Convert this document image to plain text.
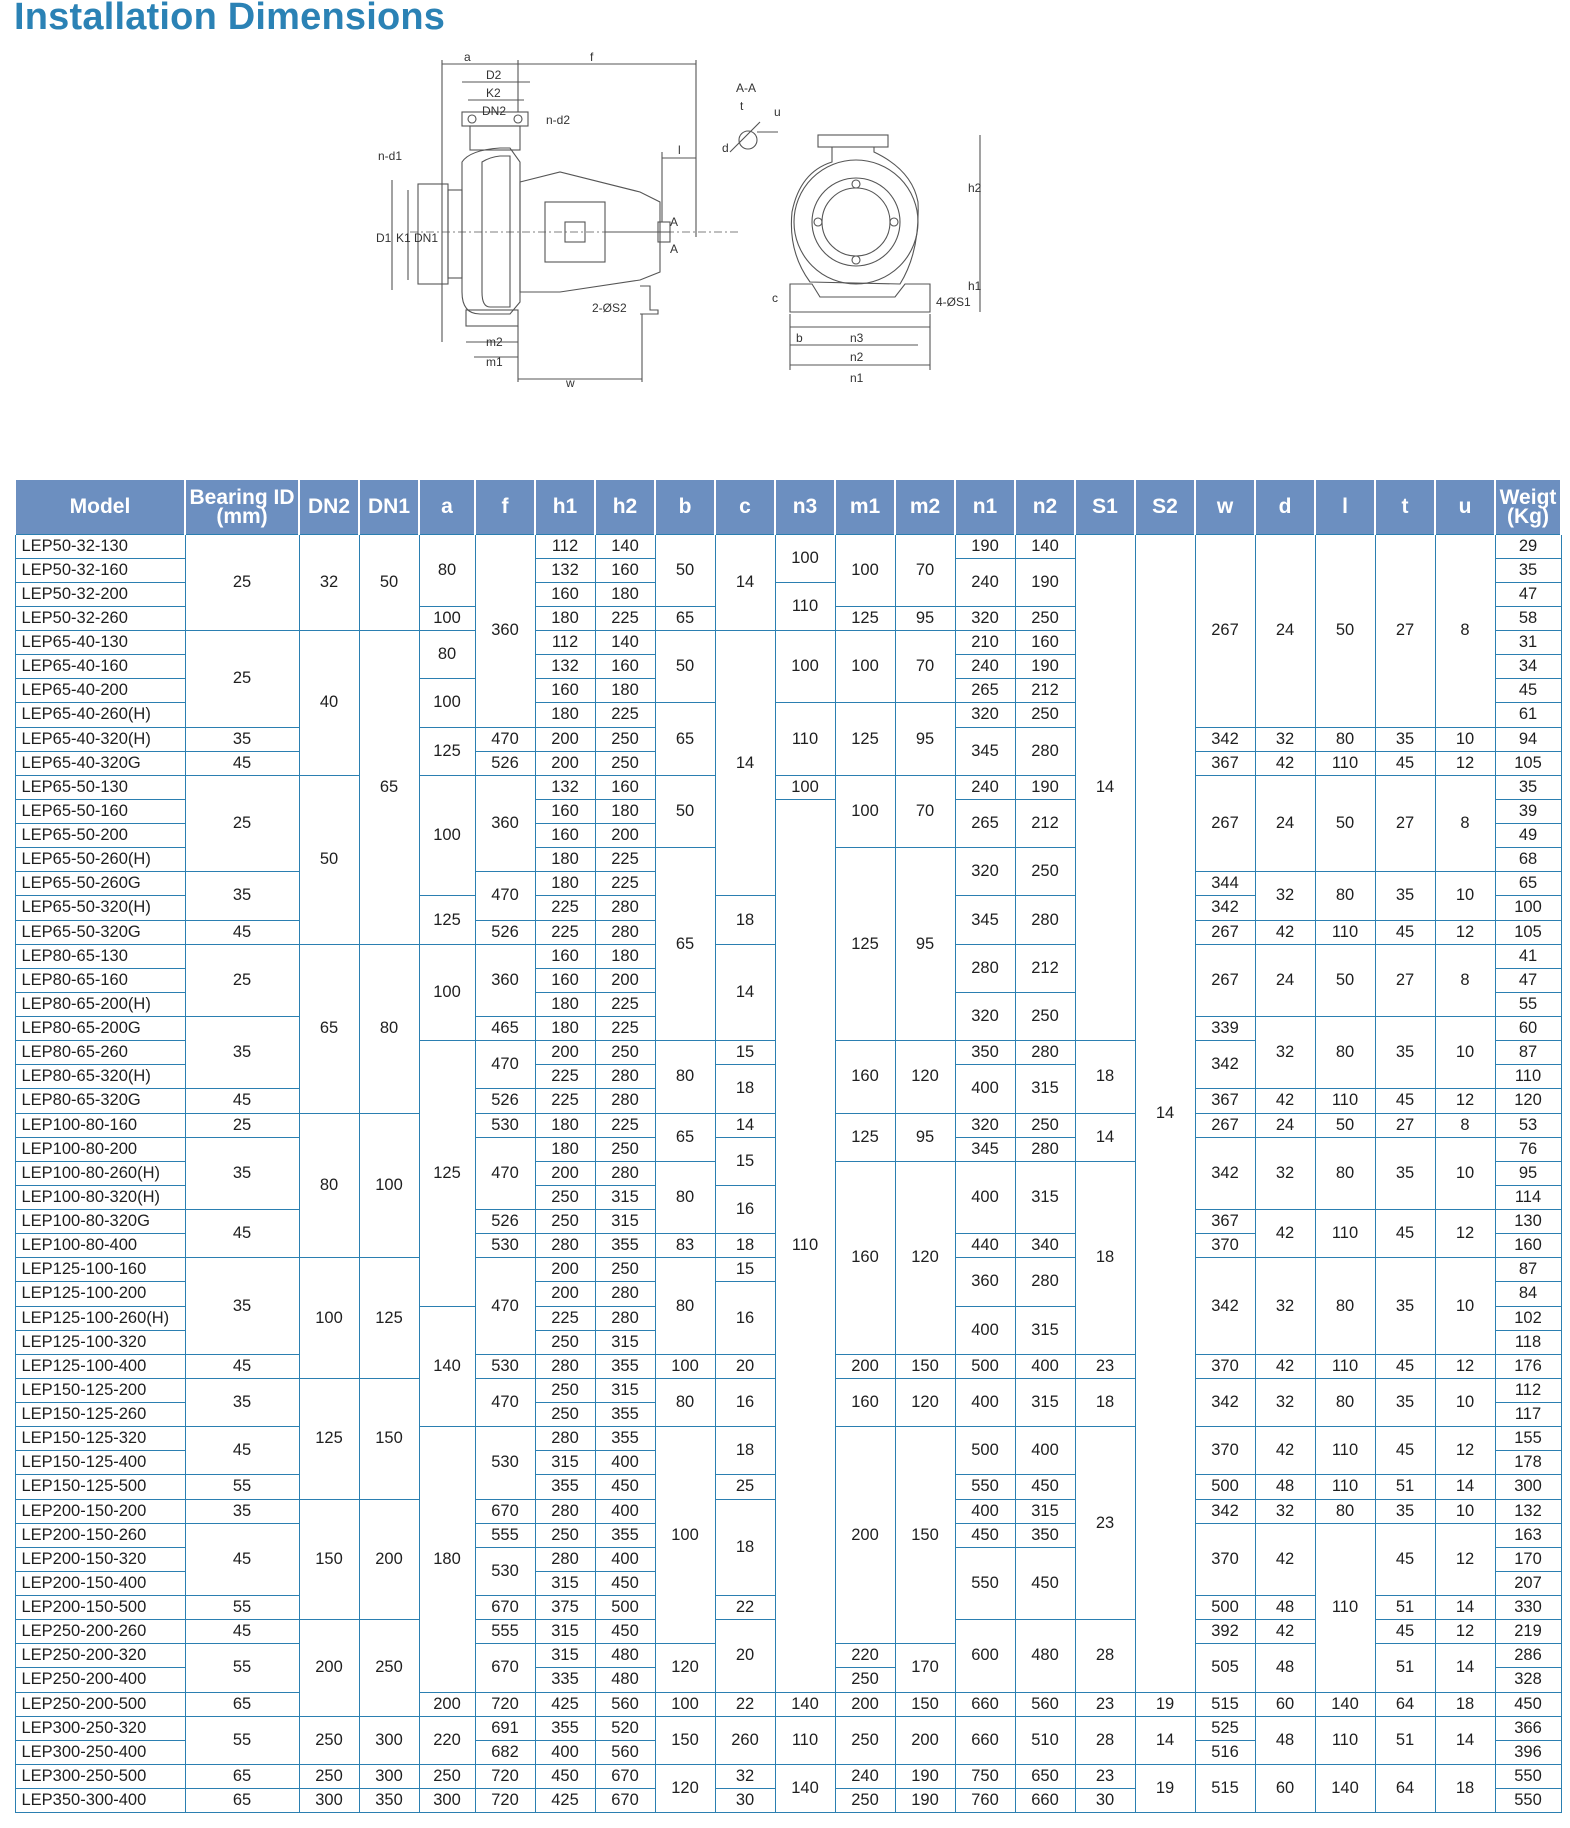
Installation Dimensions
a	f
D2
K2
DN2
n-d2
n-d1
D1 K1 DN1
l
A
A
m2
m1
w
2-ØS2
A-A
t	u
d
h2
h1
c	4-ØS1
b	n3
n2
n1
Model	Bearing ID (mm)	DN2	DN1	a	f	h1	h2	b	c	n3	m1	m2	n1	n2	S1	S2	w	d	l	t	u	Weigt (Kg)
LEP50-32-130	25	32	50	80	360	112	140	50	14	100	100	70	190	140	14	14	267	24	50	27	8	29
LEP50-32-160						132	160						240	190								35
LEP50-32-200						160	180			110												47
LEP50-32-260				100		180	225	65			125	95	320	250								58
LEP65-40-130	25	40	65	80		112	140	50	14	100	100	70	210	160								31
LEP65-40-160						132	160						240	190								34
LEP65-40-200				100		160	180						265	212								45
LEP65-40-260(H)						180	225	65		110	125	95	320	250								61
LEP65-40-320(H)	35			125	470	200	250						345	280			342	32	80	35	10	94
LEP65-40-320G	45				526	200	250										367	42	110	45	12	105
LEP65-50-130	25	50		100	360	132	160	50		100	100	70	240	190			267	24	50	27	8	35
LEP65-50-160						160	180			110			265	212								39
LEP65-50-200						160	200															49
LEP65-50-260(H)						180	225	65			125	95	320	250								68
LEP65-50-260G	35				470	180	225										344	32	80	35	10	65
LEP65-50-320(H)				125		225	280		18				345	280			342					100
LEP65-50-320G	45				526	225	280										267	42	110	45	12	105
LEP80-65-130	25	65	80	100	360	160	180		14				280	212			267	24	50	27	8	41
LEP80-65-160						160	200															47
LEP80-65-200(H)						180	225						320	250								55
LEP80-65-200G	35				465	180	225										339	32	80	35	10	60
LEP80-65-260				125	470	200	250	80	15		160	120	350	280	18		342					87
LEP80-65-320(H)						225	280		18				400	315								110
LEP80-65-320G	45				526	225	280										367	42	110	45	12	120
LEP100-80-160	25	80	100		530	180	225	65	14		125	95	320	250	14		267	24	50	27	8	53
LEP100-80-200	35				470	180	250		15				345	280			342	32	80	35	10	76
LEP100-80-260(H)						200	280	80			160	120	400	315	18							95
LEP100-80-320(H)						250	315		16													114
LEP100-80-320G	45				526	250	315										367	42	110	45	12	130
LEP100-80-400					530	280	355	83	18				440	340			370					160
LEP125-100-160	35	100	125		470	200	250	80	15				360	280			342	32	80	35	10	87
LEP125-100-200						200	280		16													84
LEP125-100-260(H)				140		225	280						400	315								102
LEP125-100-320						250	315															118
LEP125-100-400	45				530	280	355	100	20		200	150	500	400	23		370	42	110	45	12	176
LEP150-125-200	35	125	150		470	250	315	80	16		160	120	400	315	18		342	32	80	35	10	112
LEP150-125-260						250	355															117
LEP150-125-320	45			180	530	280	355	100	18		200	150	500	400	23		370	42	110	45	12	155
LEP150-125-400						315	400															178
LEP150-125-500	55					355	450		25				550	450			500	48	110	51	14	300
LEP200-150-200	35	150	200		670	280	400		18				400	315			342	32	80	35	10	132
LEP200-150-260	45				555	250	355						450	350			370	42	110	45	12	163
LEP200-150-320					530	280	400						550	450								170
LEP200-150-400						315	450															207
LEP200-150-500	55				670	375	500		22								500	48		51	14	330
LEP250-200-260	45	200	250		555	315	450		20				600	480	28		392	42		45	12	219
LEP250-200-320	55				670	315	480	120			220	170					505	48		51	14	286
LEP250-200-400						335	480				250											328
LEP250-200-500	65			200	720	425	560	100	22	140	200	150	660	560	23	19	515	60	140	64	18	450
LEP300-250-320	55	250	300	220	691	355	520	150	260	110	250	200	660	510	28	14	525	48	110	51	14	366
LEP300-250-400					682	400	560										516					396
LEP300-250-500	65	250	300	250	720	450	670	120	32	140	240	190	750	650	23	19	515	60	140	64	18	550
LEP350-300-400	65	300	350	300	720	425	670		30		250	190	760	660	30							550
